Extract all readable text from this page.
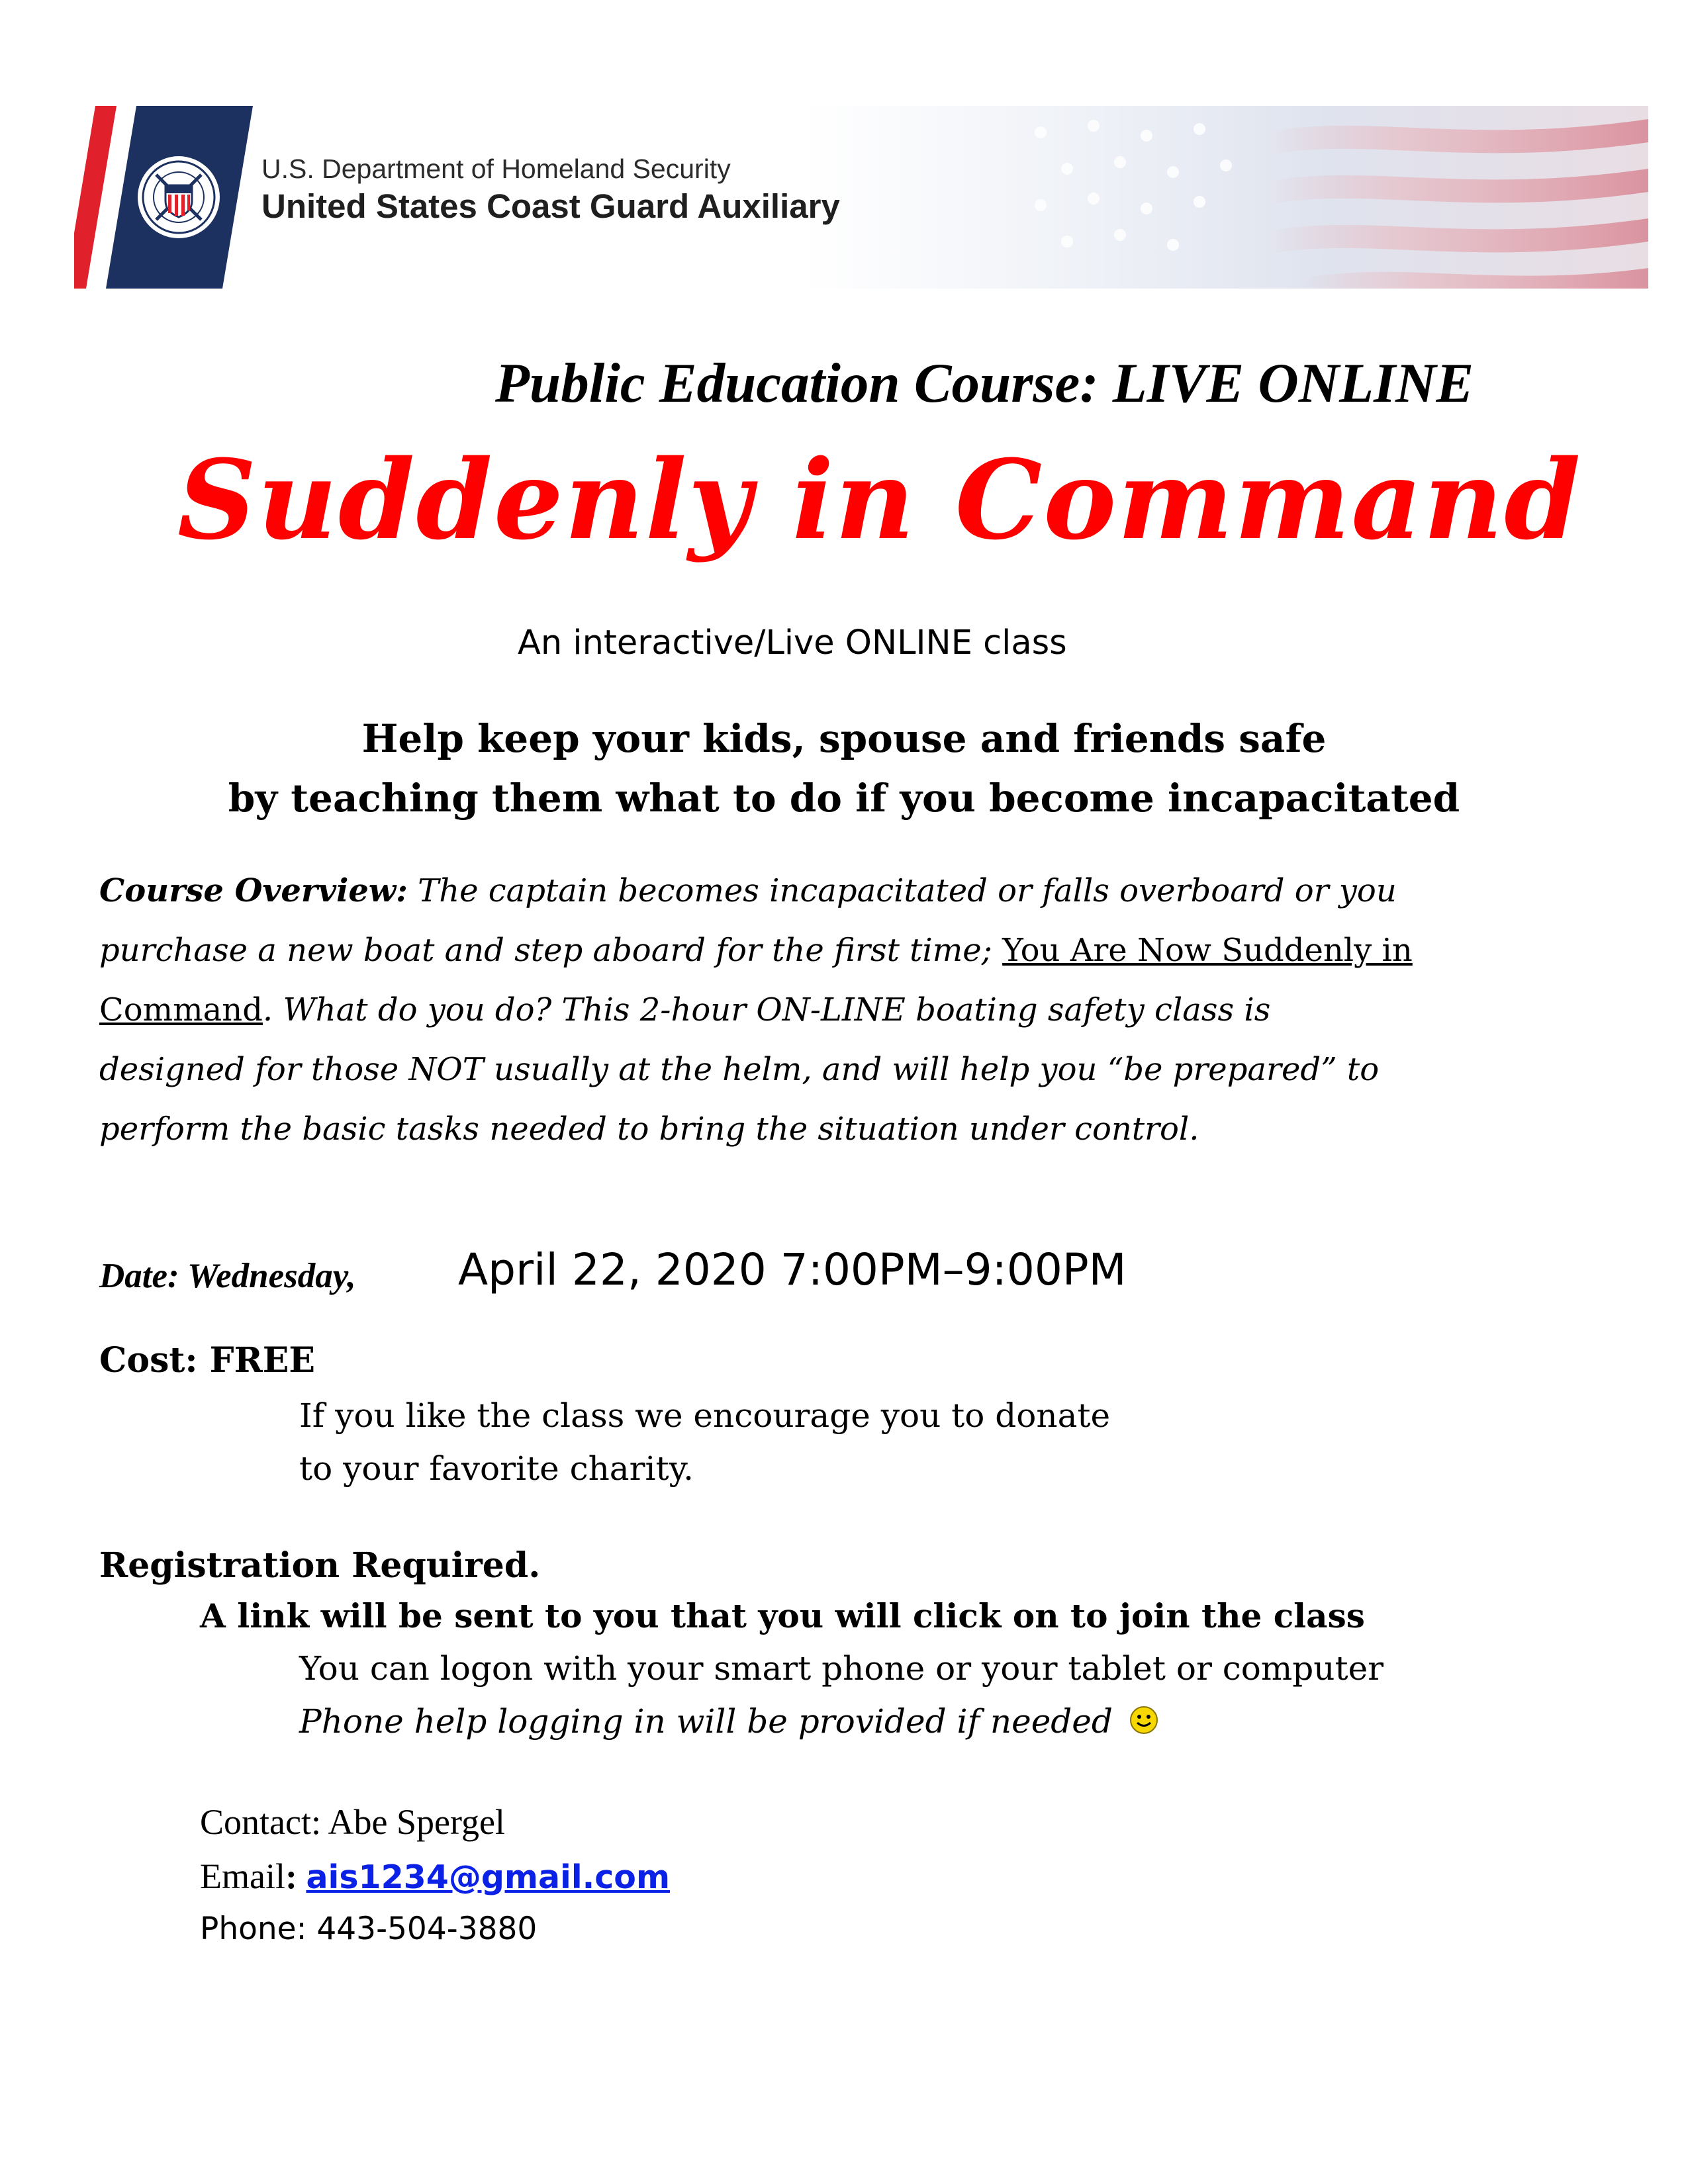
U.S. Department of Homeland Security
United States Coast Guard Auxiliary
Public Education Course: LIVE ONLINE
Suddenly in Command
An interactive/Live ONLINE class
Help keep your kids, spouse and friends safe
by teaching them what to do if you become incapacitated
Course Overview: The captain becomes incapacitated or falls overboard or you
purchase a new boat and step aboard for the first time; You Are Now Suddenly in
Command. What do you do? This 2-hour ON-LINE boating safety class is
designed for those NOT usually at the helm, and will help you “be prepared” to
perform the basic tasks needed to bring the situation under control.
Date: Wednesday, April 22, 2020 7:00PM–9:00PM
Cost: FREE
If you like the class we encourage you to donate
to your favorite charity.
Registration Required.
A link will be sent to you that you will click on to join the class
You can logon with your smart phone or your tablet or computer
Phone help logging in will be provided if needed
Contact: Abe Spergel
Email: ais1234@gmail.com
Phone: 443-504-3880
